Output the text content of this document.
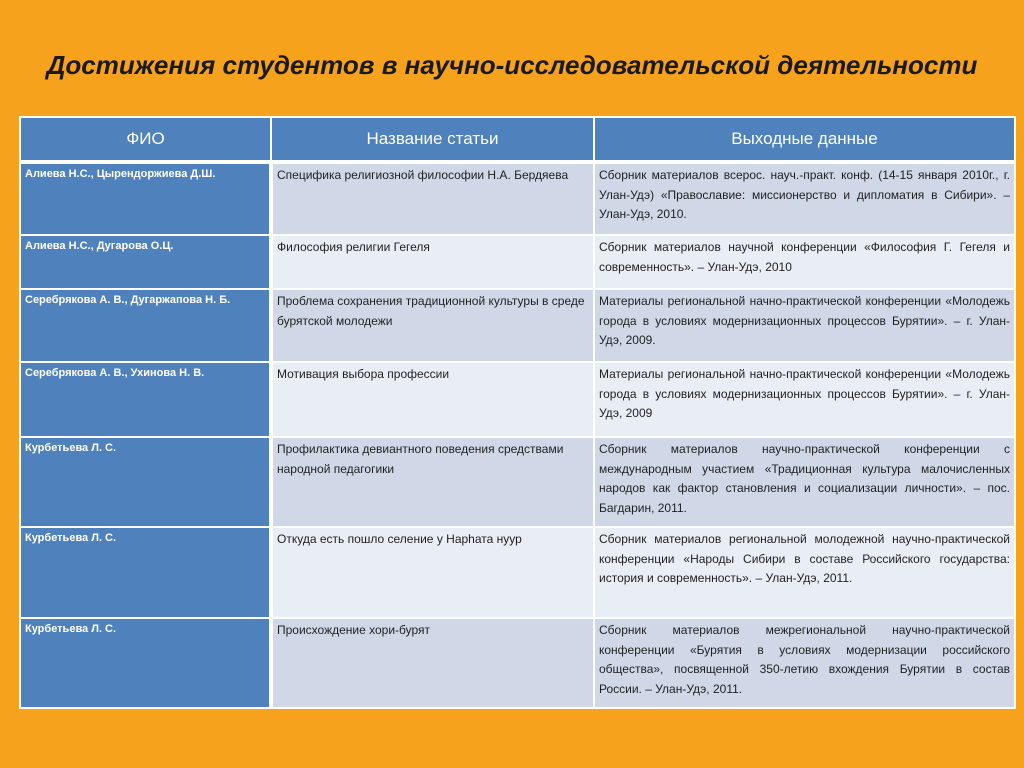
Достижения студентов в научно-исследовательской деятельности
ФИО	Название статьи	Выходные данные
Алиева Н.С., Цырендоржиева Д.Ш.	Специфика религиозной философии Н.А. Бердяева	Сборник материалов всерос. науч.-практ. конф. (14-15 января 2010г., г. Улан-Удэ) «Православие: миссионерство и дипломатия в Сибири». – Улан-Удэ, 2010.
Алиева Н.С., Дугарова О.Ц.	Философия религии Гегеля	Сборник материалов научной конференции «Философия Г. Гегеля и современность». – Улан-Удэ, 2010
Серебрякова А. В., Дугаржапова Н. Б.	Проблема сохранения традиционной культуры в среде бурятской молодежи	Материалы региональной начно-практической конференции «Молодежь города в условиях модернизационных процессов Бурятии». – г. Улан-Удэ, 2009.
Серебрякова А. В., Ухинова Н. В.	Мотивация выбора профессии	Материалы региональной начно-практической конференции «Молодежь города в условиях модернизационных процессов Бурятии». – г. Улан-Удэ, 2009
Курбетьева Л. С.	Профилактика девиантного поведения средствами народной педагогики	Сборник материалов научно-практической конференции с международным участием «Традиционная культура малочисленных народов как фактор становления и социализации личности». – пос. Багдарин, 2011.
Курбетьева Л. С.	Откуда есть пошло селение у Hapһата нуур	Сборник материалов региональной молодежной научно-практической конференции «Народы Сибири в составе Российского государства: история и современность». – Улан-Удэ, 2011.
Курбетьева Л. С.	Происхождение хори-бурят	Сборник материалов межрегиональной научно-практической конференции «Бурятия в условиях модернизации российского общества», посвященной 350-летию вхождения Бурятии в состав России. – Улан-Удэ, 2011.
